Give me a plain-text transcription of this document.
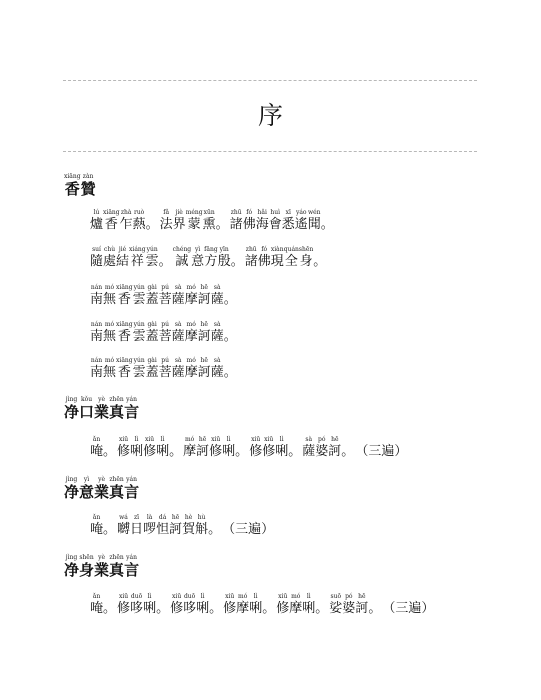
序
xiāng
香
zàn
贊
lú
爐
xiāng
香
zhà
乍
ruò
爇 。
fǎ
法
jiè
界
méng
蒙
xūn
熏 。
zhū
諸
fó
佛
hǎi
海
huì
會
xī
悉
yáo
遙
wén
聞 。
suí
隨
chù
處
jié
結
xiáng
祥
yún
雲 。
chéng
誠
yì
意
fāng
方
yīn
殷 。
zhū
諸
fó
佛
xiàn
現
quán
全
shēn
身 。
nán
南
mó
無
xiāng
香
yún
雲
gài
蓋
pú
菩
sà
薩
mó
摩
hē
訶
sà
薩 。
nán
南
mó
無
xiāng
香
yún
雲
gài
蓋
pú
菩
sà
薩
mó
摩
hē
訶
sà
薩 。
nán
南
mó
無
xiāng
香
yún
雲
gài
蓋
pú
菩
sà
薩
mó
摩
hē
訶
sà
薩 。
jìng
净
kǒu
口
yè
業
zhēn
真
yán
言
ǎn
唵 。
xiū
修
lì
唎
xiū
修
lì
唎 。
mó
摩
hē
訶
xiū
修
lì
唎 。
xiū
修
xiū
修
lì
唎 。
sà
薩
pó
婆
hē
訶 。 （三遍）
jìng
净
yì
意
yè
業
zhēn
真
yán
言
ǎn
唵 。
wá
嚩
zī
日
là
啰
dá
怛
hē
訶
hè
賀
hù
斛 。 （三遍）
jìng
净
shēn
身
yè
業
zhēn
真
yán
言
ǎn
唵 。
xiū
修
duō
哆
lì
唎 。
xiū
修
duō
哆
lì
唎 。
xiū
修
mó
摩
lì
唎 。
xiū
修
mó
摩
lì
唎 。
suō
娑
pó
婆
hē
訶 。 （三遍）
